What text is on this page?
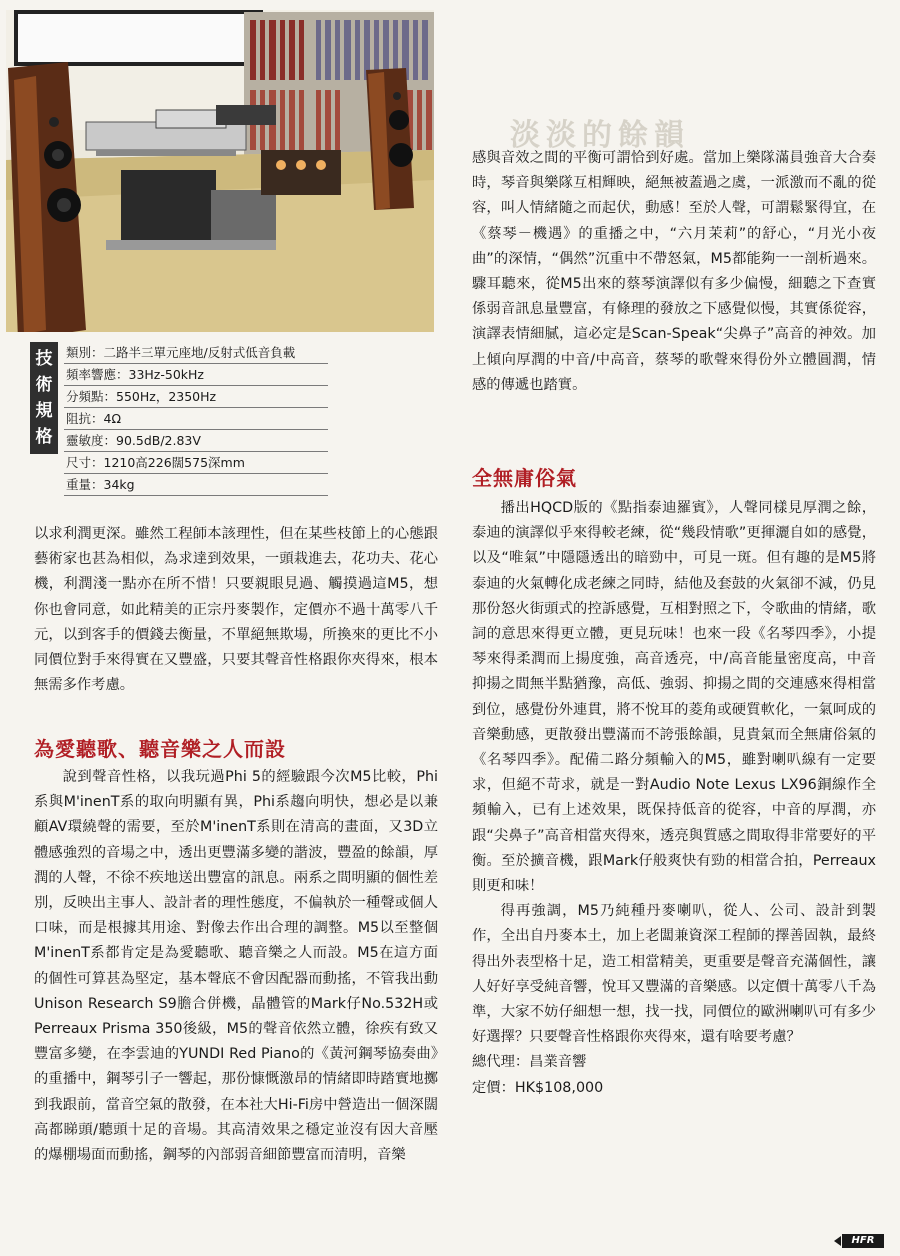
技
術
規
格
類別：二路半三單元座地/反射式低音負載
頻率響應：33Hz-50kHz
分頻點：550Hz，2350Hz
阻抗：4Ω
靈敏度：90.5dB/2.83V
尺寸：1210高226闊575深mm
重量：34kg

以求利潤更深。雖然工程師本該理性，但在某些枝節上的心態跟藝術家也甚為相似，為求達到效果，一頭栽進去，花功夫、花心機，利潤淺一點亦在所不惜！只要親眼見過、觸摸過這M5，想你也會同意，如此精美的正宗丹麥製作，定價亦不過十萬零八千元，以到客手的價錢去衡量，不單絕無欺場，所換來的更比不小同價位對手來得實在又豐盛，只要其聲音性格跟你夾得來，根本無需多作考慮。

為愛聽歌、聽音樂之人而設

說到聲音性格，以我玩過Phi 5的經驗跟今次M5比較，Phi系與M'inenT系的取向明顯有異，Phi系趨向明快，想必是以兼顧AV環繞聲的需要，至於M'inenT系則在清高的畫面，又3D立體感強烈的音場之中，透出更豐滿多變的諧波，豐盈的餘韻，厚潤的人聲，不徐不疾地送出豐富的訊息。兩系之間明顯的個性差別，反映出主事人、設計者的理性態度，不偏執於一種聲或個人口味，而是根據其用途、對像去作出合理的調整。M5以至整個M'inenT系都肯定是為愛聽歌、聽音樂之人而設。M5在這方面的個性可算甚為堅定，基本聲底不會因配器而動搖，不管我出動Unison Research S9膽合併機，晶體管的Mark仔No.532H或Perreaux Prisma 350後級，M5的聲音依然立體，徐疾有致又豐富多變，在李雲迪的YUNDI Red Piano的《黃河鋼琴協奏曲》的重播中，鋼琴引子一響起，那份慷慨激昂的情緒即時踏實地擲到我跟前，當音空氣的散發，在本社大Hi-Fi房中營造出一個深闊高都睇頭/聽頭十足的音場。其高清效果之穩定並沒有因大音壓的爆棚場面而動搖，鋼琴的內部弱音細節豐富而清明，音樂

淡淡的餘韻

感與音效之間的平衡可謂恰到好處。當加上樂隊滿員強音大合奏時，琴音與樂隊互相輝映，絕無被蓋過之虞，一派激而不亂的從容，叫人情緒隨之而起伏，動感！至於人聲，可謂鬆緊得宜，在《蔡琴－機遇》的重播之中，“六月茉莉”的舒心，“月光小夜曲”的深情，“偶然”沉重中不帶怒氣，M5都能夠一一剖析過來。驟耳聽來，從M5出來的蔡琴演譯似有多少偏慢，細聽之下查實係弱音訊息量豐富，有條理的發放之下感覺似慢，其實係從容，演譯表情細膩，這必定是Scan-Speak“尖鼻子”高音的神效。加上傾向厚潤的中音/中高音，蔡琴的歌聲來得份外立體圓潤，情感的傳遞也踏實。

全無庸俗氣

播出HQCD版的《點指泰迪羅賓》，人聲同樣見厚潤之餘，泰迪的演譯似乎來得較老練，從“幾段情歌”更揮灑自如的感覺，以及“唯氣”中隱隱透出的暗勁中，可見一斑。但有趣的是M5將泰迪的火氣轉化成老練之同時，結他及套鼓的火氣卻不減，仍見那份怒火街頭式的控訴感覺，互相對照之下，令歌曲的情緒，歌詞的意思來得更立體，更見玩味！也來一段《名琴四季》，小提琴來得柔潤而上揚度強，高音透亮，中/高音能量密度高，中音抑揚之間無半點猶豫，高低、強弱、抑揚之間的交連感來得相當到位，感覺份外連貫，將不悅耳的菱角或硬質軟化，一氣呵成的音樂動感，更散發出豐滿而不誇張餘韻，見貴氣而全無庸俗氣的《名琴四季》。配備二路分頻輸入的M5，雖對喇叭線有一定要求，但絕不苛求，就是一對Audio Note Lexus LX96銅線作全頻輸入，已有上述效果，既保持低音的從容，中音的厚潤，亦跟“尖鼻子”高音相當夾得來，透亮與質感之間取得非常要好的平衡。至於擴音機，跟Mark仔般爽快有勁的相當合拍，Perreaux則更和味！

得再強調，M5乃純種丹麥喇叭，從人、公司、設計到製作，全出自丹麥本土，加上老闆兼資深工程師的擇善固執，最終得出外表型格十足，造工相當精美，更重要是聲音充滿個性，讓人好好享受純音響，悅耳又豐滿的音樂感。以定價十萬零八千為準，大家不妨仔細想一想，找一找，同價位的歐洲喇叭可有多少好選擇？只要聲音性格跟你夾得來，還有啥要考慮？

總代理：昌業音響

定價：HK$108,000

HFR
